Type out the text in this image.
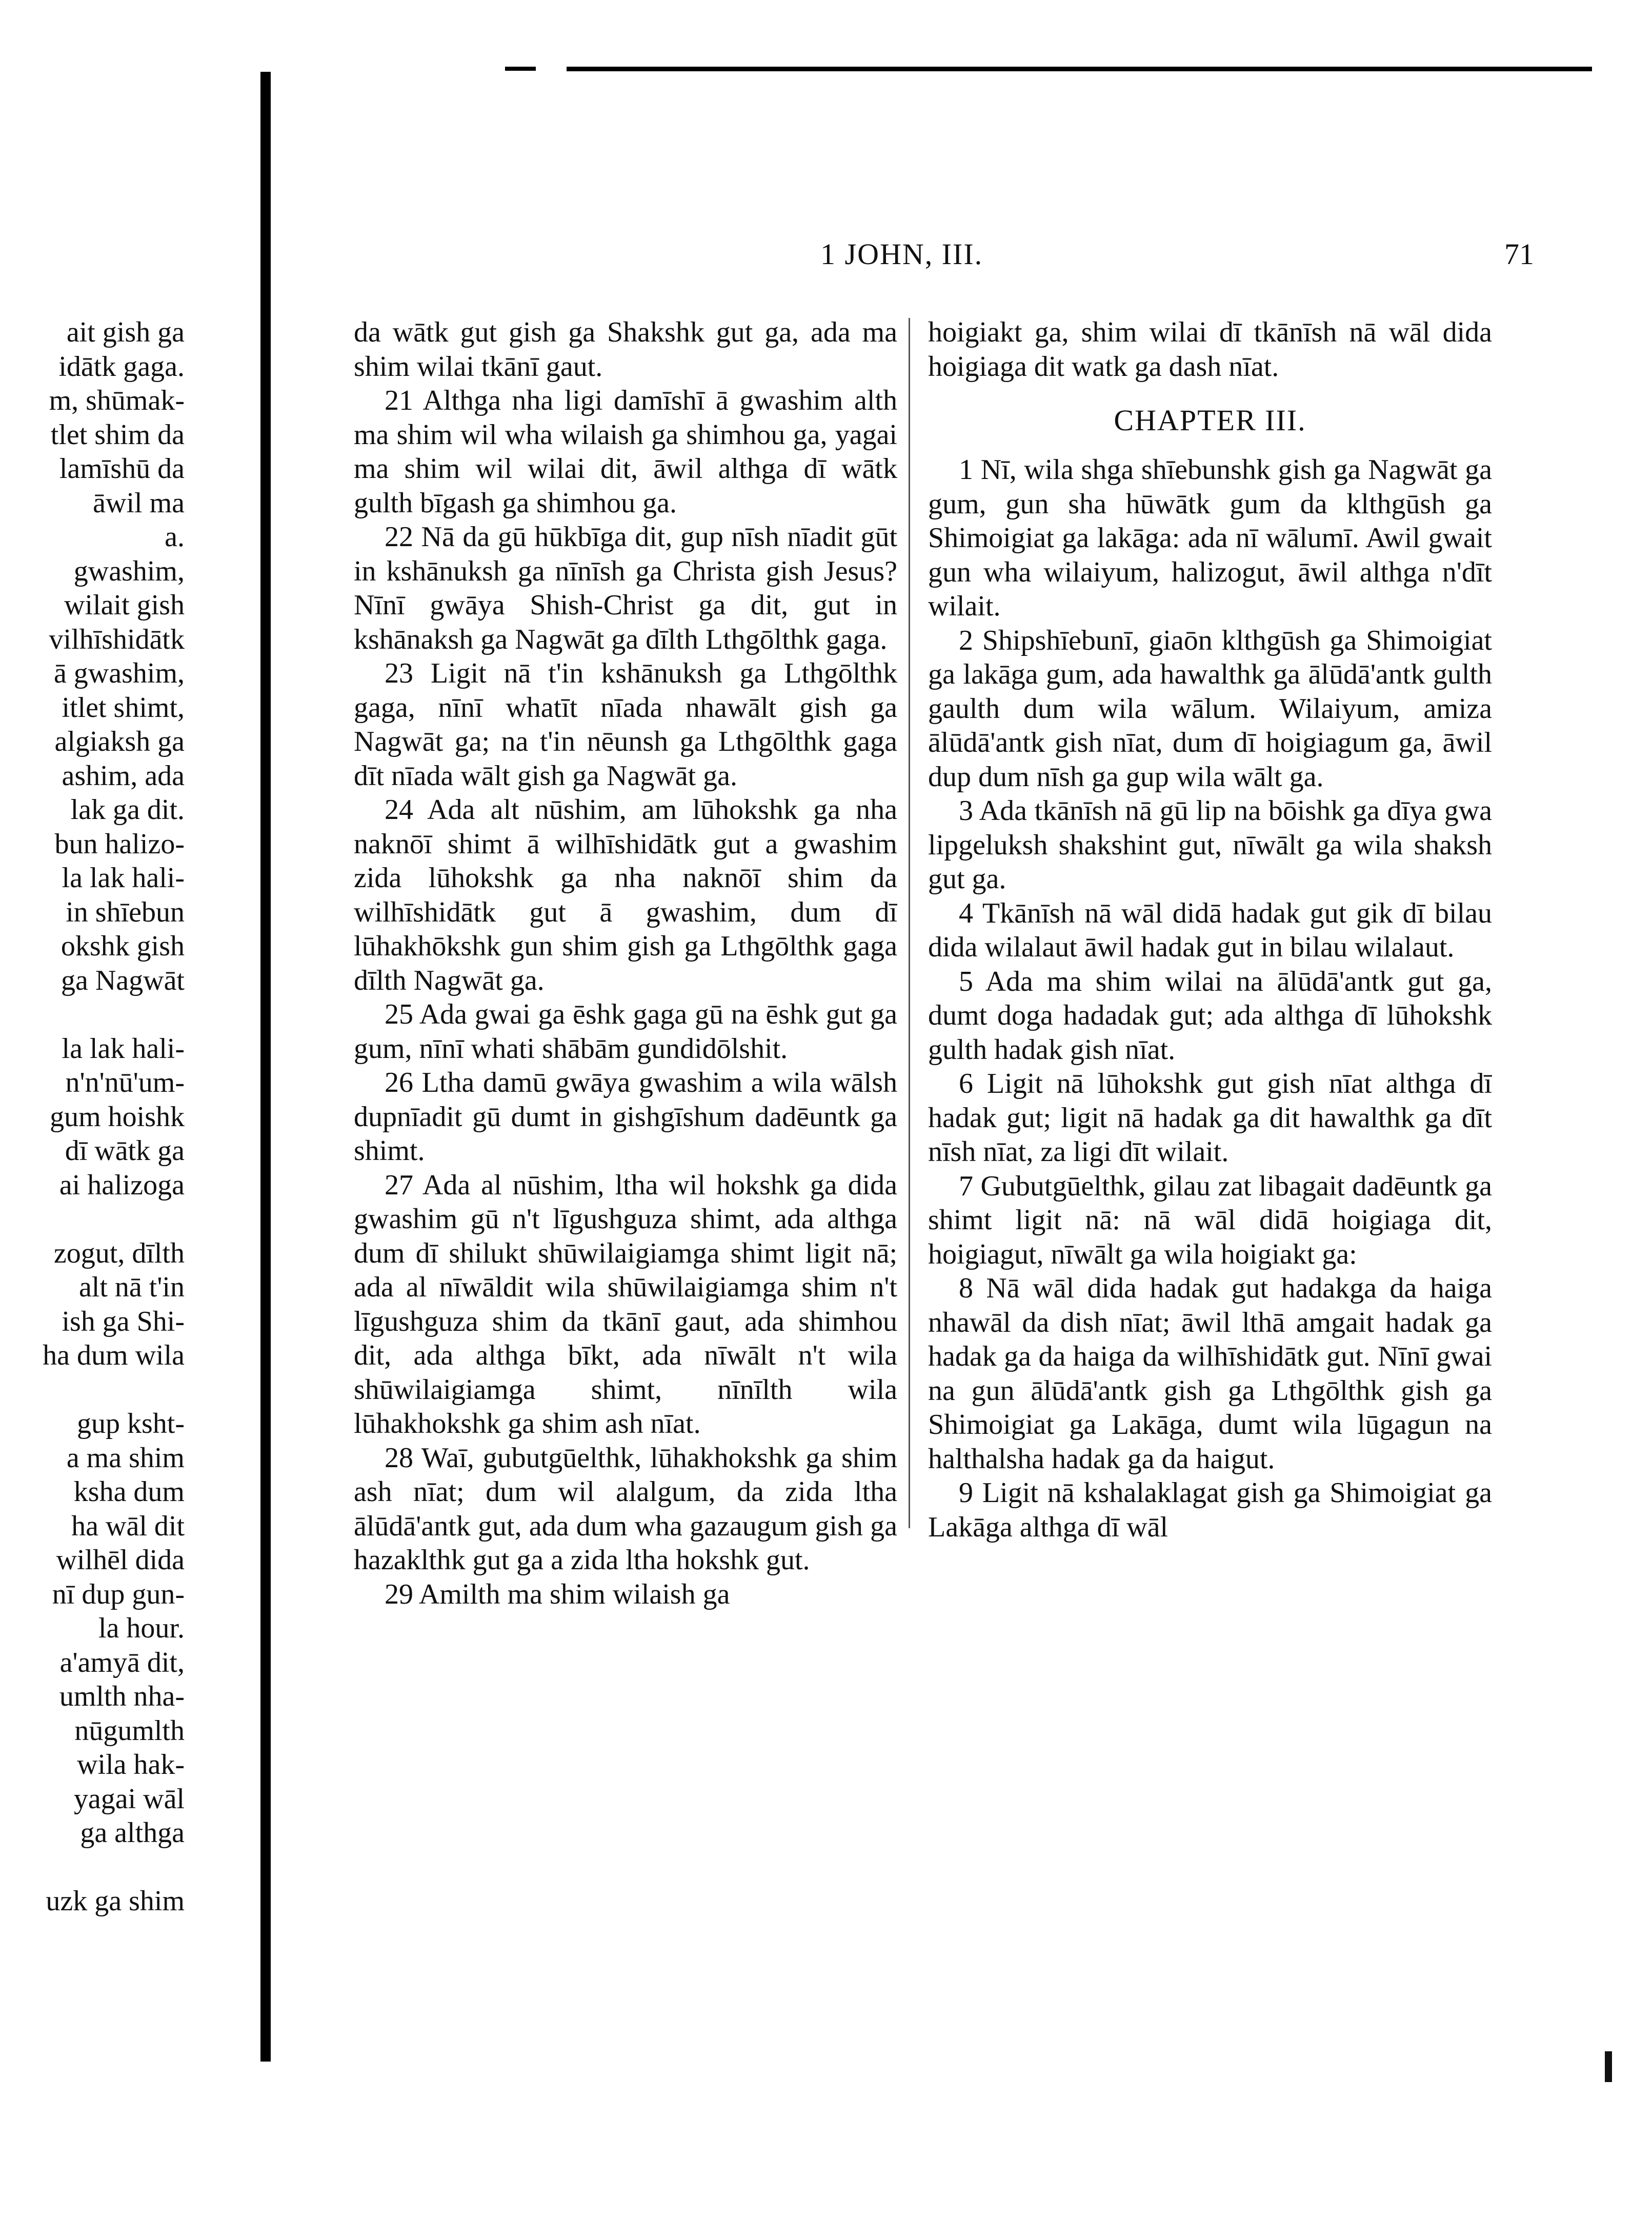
1 JOHN, III.	71

ait gish ga

idātk gaga.

m, shūmak-

tlet shim da

lamīshū da

āwil ma

a.

gwashim,

wilait gish

vilhīshidātk

ā gwashim,

itlet shimt,

algiaksh ga

ashim, ada

lak ga dit.

bun halizo-

la lak hali-

in shīebun

okshk gish

ga Nagwāt

la lak hali-

n'n'nū'um-

gum hoishk

dī wātk ga

ai halizoga

zogut, dīlth

alt nā t'in

ish ga Shi-

ha dum wila

gup ksht-

a ma shim

ksha dum

ha wāl dit

wilhēl dida

nī dup gun-

la hour.

a'amyā dit,

umlth nha-

nūgumlth

wila hak-

yagai wāl

ga althga

uzk ga shim

da wātk gut gish ga Shakshk gut ga, ada ma shim wilai tkānī gaut.

21 Althga nha ligi damīshī ā gwashim alth ma shim wil wha wilaish ga shimhou ga, yagai ma shim wil wilai dit, āwil althga dī wātk gulth bīgash ga shimhou ga.

22 Nā da gū hūkbīga dit, gup nīsh nīadit gūt in kshānuksh ga nīnīsh ga Christa gish Jesus? Nīnī gwāya Shish-Christ ga dit, gut in kshānaksh ga Nagwāt ga dīlth Lthgōlthk gaga.

23 Ligit nā t'in kshānuksh ga Lthgōlthk gaga, nīnī whatīt nīada nhawālt gish ga Nagwāt ga; na t'in nēunsh ga Lthgōlthk gaga dīt nīada wālt gish ga Nagwāt ga.

24 Ada alt nūshim, am lūhokshk ga nha naknōī shimt ā wilhīshidātk gut a gwashim zida lūhokshk ga nha naknōī shim da wilhīshidātk gut ā gwashim, dum dī lūhakhōkshk gun shim gish ga Lthgōlthk gaga dīlth Nagwāt ga.

25 Ada gwai ga ēshk gaga gū na ēshk gut ga gum, nīnī whati shābām gundidōlshit.

26 Ltha damū gwāya gwashim a wila wālsh dupnīadit gū dumt in gishgīshum dadēuntk ga shimt.

27 Ada al nūshim, ltha wil hokshk ga dida gwashim gū n't līgushguza shimt, ada althga dum dī shilukt shūwilaigiamga shimt ligit nā; ada al nīwāldit wila shūwilaigiamga shim n't līgushguza shim da tkānī gaut, ada shimhou dit, ada althga bīkt, ada nīwālt n't wila shūwilaigiamga shimt, nīnīlth wila lūhakhokshk ga shim ash nīat.

28 Waī, gubutgūelthk, lūhakhokshk ga shim ash nīat; dum wil alalgum, da zida ltha ālūdā'antk gut, ada dum wha gazaugum gish ga hazaklthk gut ga a zida ltha hokshk gut.

29 Amilth ma shim wilaish ga

hoigiakt ga, shim wilai dī tkānīsh nā wāl dida hoigiaga dit watk ga dash nīat.

CHAPTER III.

1 Nī, wila shga shīebunshk gish ga Nagwāt ga gum, gun sha hūwātk gum da klthgūsh ga Shimoigiat ga lakāga: ada nī wālumī. Awil gwait gun wha wilaiyum, halizogut, āwil althga n'dīt wilait.

2 Shipshīebunī, giaōn klthgūsh ga Shimoigiat ga lakāga gum, ada hawalthk ga ālūdā'antk gulth gaulth dum wila wālum. Wilaiyum, amiza ālūdā'antk gish nīat, dum dī hoigiagum ga, āwil dup dum nīsh ga gup wila wālt ga.

3 Ada tkānīsh nā gū lip na bōishk ga dīya gwa lipgeluksh shakshint gut, nīwālt ga wila shaksh gut ga.

4 Tkānīsh nā wāl didā hadak gut gik dī bilau dida wilalaut āwil hadak gut in bilau wilalaut.

5 Ada ma shim wilai na ālūdā'antk gut ga, dumt doga hadadak gut; ada althga dī lūhokshk gulth hadak gish nīat.

6 Ligit nā lūhokshk gut gish nīat althga dī hadak gut; ligit nā hadak ga dit hawalthk ga dīt nīsh nīat, za ligi dīt wilait.

7 Gubutgūelthk, gilau zat libagait dadēuntk ga shimt ligit nā: nā wāl didā hoigiaga dit, hoigiagut, nīwālt ga wila hoigiakt ga:

8 Nā wāl dida hadak gut hadakga da haiga nhawāl da dish nīat; āwil lthā amgait hadak ga hadak ga da haiga da wilhīshidātk gut. Nīnī gwai na gun ālūdā'antk gish ga Lthgōlthk gish ga Shimoigiat ga Lakāga, dumt wila lūgagun na halthalsha hadak ga da haigut.

9 Ligit nā kshalaklagat gish ga Shimoigiat ga Lakāga althga dī wāl
